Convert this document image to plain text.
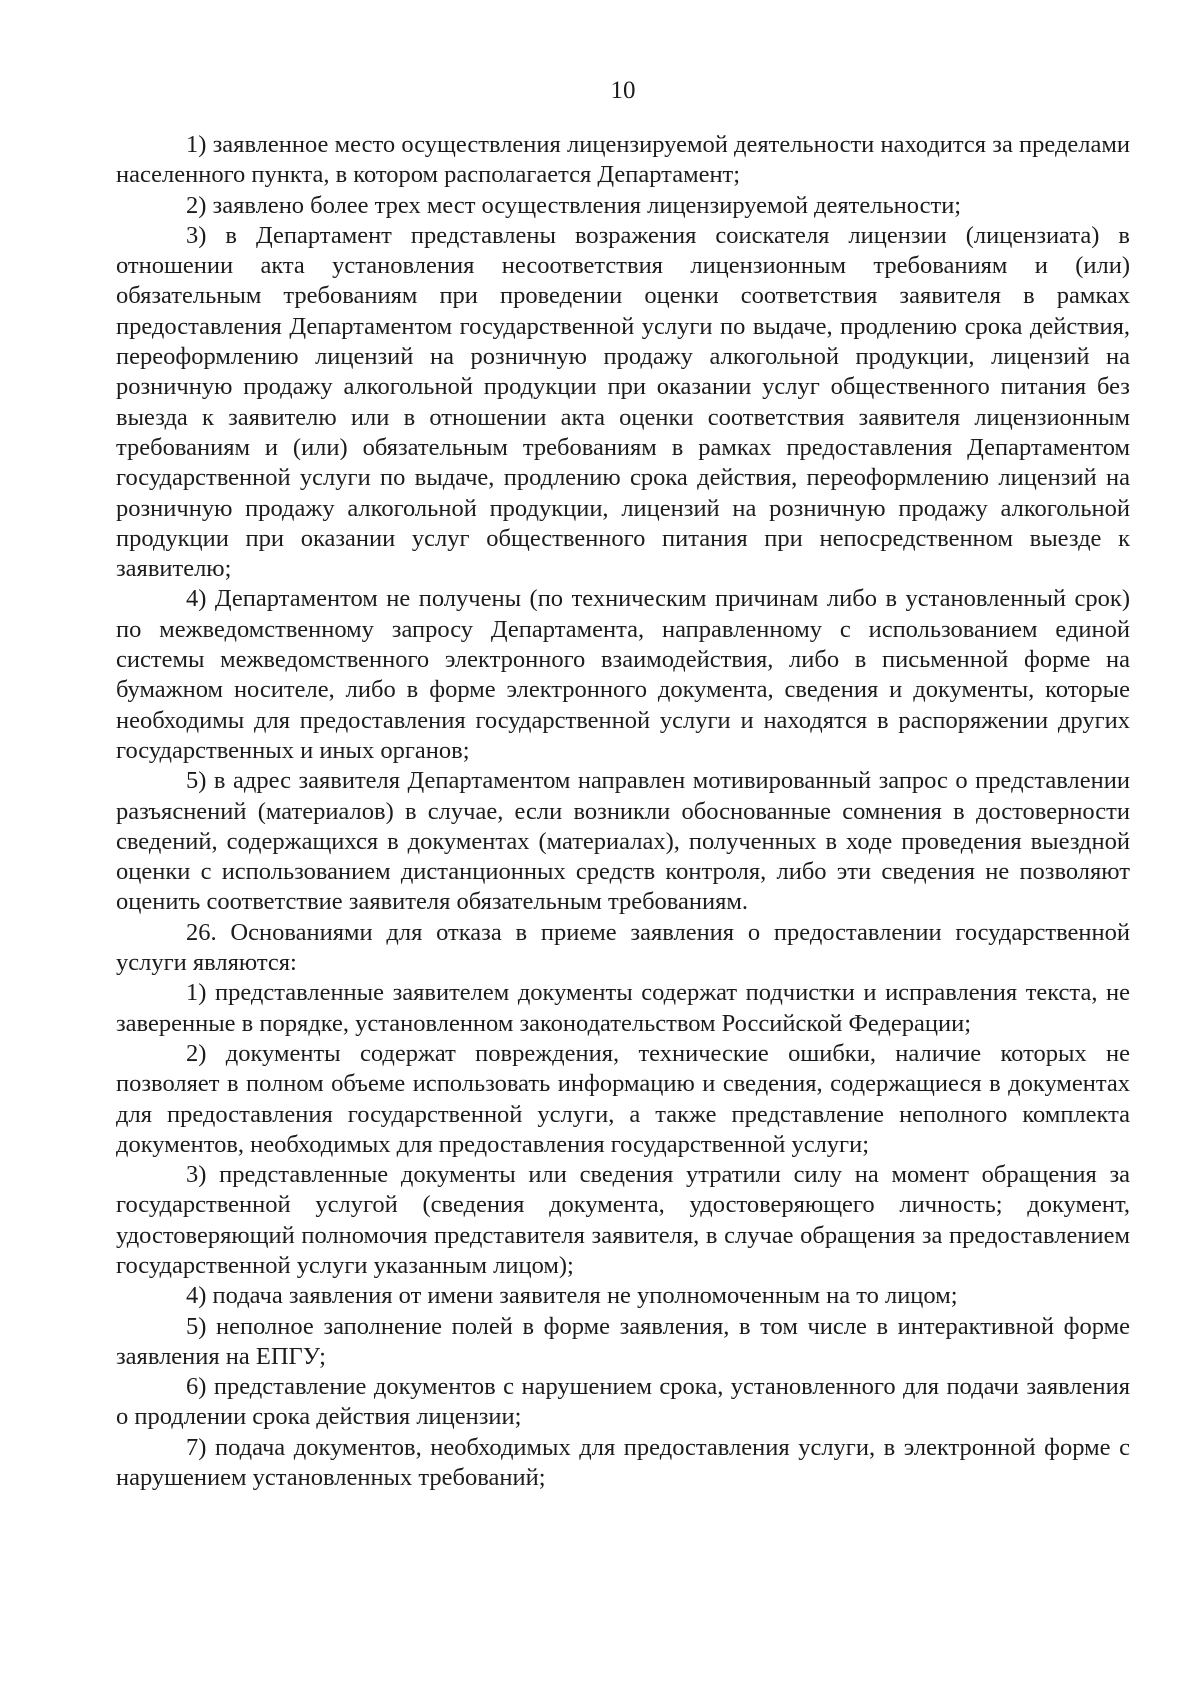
10

1) заявленное место осуществления лицензируемой деятельности находится за пределами населенного пункта, в котором располагается Департамент;

2) заявлено более трех мест осуществления лицензируемой деятельности;

3) в Департамент представлены возражения соискателя лицензии (лицензиата) в отношении акта установления несоответствия лицензионным требованиям и (или) обязательным требованиям при проведении оценки соответствия заявителя в рамках предоставления Департаментом государственной услуги по выдаче, продлению срока действия, переоформлению лицензий на розничную продажу алкогольной продукции, лицензий на розничную продажу алкогольной продукции при оказании услуг общественного питания без выезда к заявителю или в отношении акта оценки соответствия заявителя лицензионным требованиям и (или) обязательным требованиям в рамках предоставления Департаментом государственной услуги по выдаче, продлению срока действия, переоформлению лицензий на розничную продажу алкогольной продукции, лицензий на розничную продажу алкогольной продукции при оказании услуг общественного питания при непосредственном выезде к заявителю;

4) Департаментом не получены (по техническим причинам либо в установленный срок) по межведомственному запросу Департамента, направленному с использованием единой системы межведомственного электронного взаимодействия, либо в письменной форме на бумажном носителе, либо в форме электронного документа, сведения и документы, которые необходимы для предоставления государственной услуги и находятся в распоряжении других государственных и иных органов;

5) в адрес заявителя Департаментом направлен мотивированный запрос о представлении разъяснений (материалов) в случае, если возникли обоснованные сомнения в достоверности сведений, содержащихся в документах (материалах), полученных в ходе проведения выездной оценки с использованием дистанционных средств контроля, либо эти сведения не позволяют оценить соответствие заявителя обязательным требованиям.

26. Основаниями для отказа в приеме заявления о предоставлении государственной услуги являются:

1) представленные заявителем документы содержат подчистки и исправления текста, не заверенные в порядке, установленном законодательством Российской Федерации;

2) документы содержат повреждения, технические ошибки, наличие которых не позволяет в полном объеме использовать информацию и сведения, содержащиеся в документах для предоставления государственной услуги, а также представление неполного комплекта документов, необходимых для предоставления государственной услуги;

3) представленные документы или сведения утратили силу на момент обращения за государственной услугой (сведения документа, удостоверяющего личность; документ, удостоверяющий полномочия представителя заявителя, в случае обращения за предоставлением государственной услуги указанным лицом);

4) подача заявления от имени заявителя не уполномоченным на то лицом;

5) неполное заполнение полей в форме заявления, в том числе в интерактивной форме заявления на ЕПГУ;

6) представление документов с нарушением срока, установленного для подачи заявления о продлении срока действия лицензии;

7) подача документов, необходимых для предоставления услуги, в электронной форме с нарушением установленных требований;
